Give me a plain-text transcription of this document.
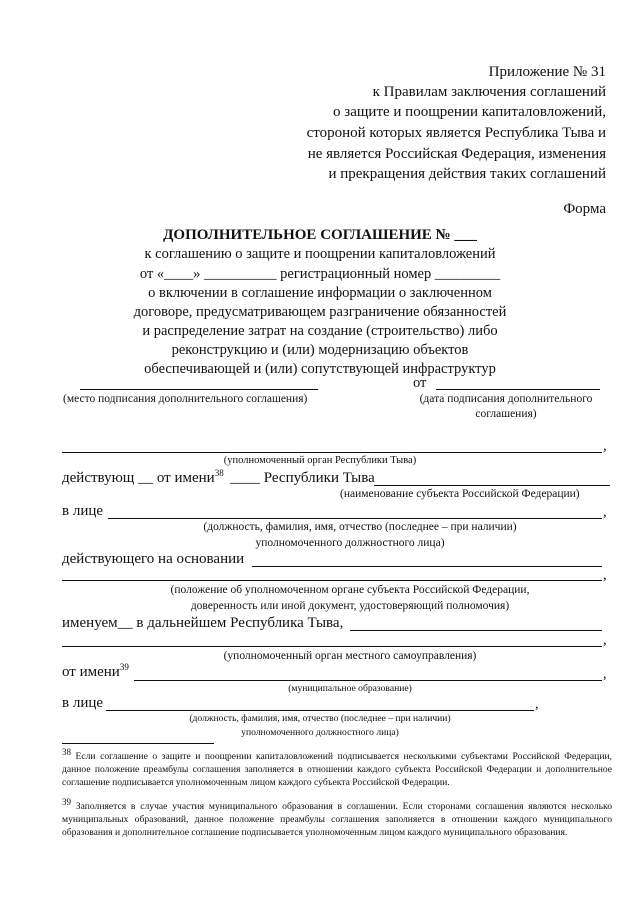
Приложение № 31
к Правилам заключения соглашений
о защите и поощрении капиталовложений,
стороной которых является Республика Тыва и
не является Российская Федерация, изменения
и прекращения действия таких соглашений
Форма
ДОПОЛНИТЕЛЬНОЕ СОГЛАШЕНИЕ № ___
к соглашению о защите и поощрении капиталовложений
от «____» __________ регистрационный номер _________
о включении в соглашение информации о заключенном
договоре, предусматривающем разграничение обязанностей
и распределение затрат на создание (строительство) либо
реконструкцию и (или) модернизацию объектов
обеспечивающей и (или) сопутствующей инфраструктур
от
(место подписания дополнительного соглашения)	(дата подписания дополнительного
соглашения)
,
(уполномоченный орган Республики Тыва)
действующ __ от имени$^{38}$ ____ Республики Тыва
(наименование субъекта Российской Федерации)
в лице	,
(должность, фамилия, имя, отчество (последнее – при наличии)
уполномоченного должностного лица)
действующего на основании
,
(положение об уполномоченном органе субъекта Российской Федерации,
доверенность или иной документ, удостоверяющий полномочия)
именуем__ в дальнейшем Республика Тыва,
,
(уполномоченный орган местного самоуправления)
от имени$^{39}$	,
(муниципальное образование)
в лице	,
(должность, фамилия, имя, отчество (последнее – при наличии)
уполномоченного должностного лица)

$^{38}$ Если соглашение о защите и поощрении капиталовложений подписывается несколькими субъектами Российской Федерации, данное положение преамбулы соглашения заполняется в отношении каждого субъекта Российской Федерации и дополнительное соглашение подписывается уполномоченным лицом каждого субъекта Российской Федерации.

$^{39}$ Заполняется в случае участия муниципального образования в соглашении. Если сторонами соглашения являются несколько муниципальных образований, данное положение преамбулы соглашения заполняется в отношении каждого муниципального образования и дополнительное соглашение подписывается уполномоченным лицом каждого муниципального образования.
